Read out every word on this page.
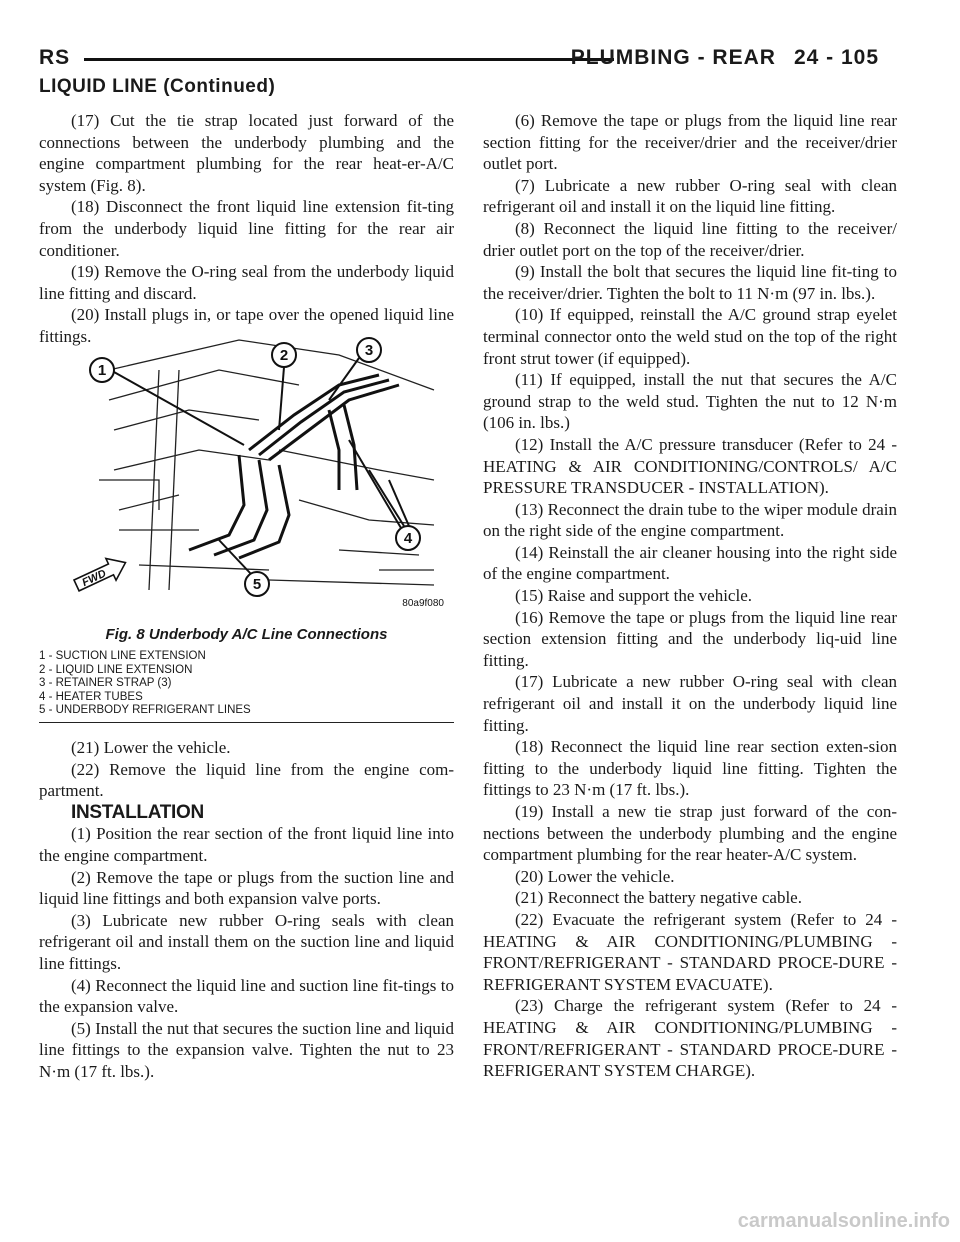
RS	PLUMBING - REAR 24 - 105
LIQUID LINE (Continued)

(17) Cut the tie strap located just forward of the connections between the underbody plumbing and the engine compartment plumbing for the rear heat-er-A/C system (Fig. 8).

(18) Disconnect the front liquid line extension fit-ting from the underbody liquid line fitting for the rear air conditioner.

(19) Remove the O-ring seal from the underbody liquid line fitting and discard.

(20) Install plugs in, or tape over the opened liquid line fittings.

1
2	3
4
5
FWD
80a9f080
Fig. 8 Underbody A/C Line Connections
1 - SUCTION LINE EXTENSION
2 - LIQUID LINE EXTENSION
3 - RETAINER STRAP (3)
4 - HEATER TUBES
5 - UNDERBODY REFRIGERANT LINES

(21) Lower the vehicle.

(22) Remove the liquid line from the engine com-partment.

INSTALLATION

(1) Position the rear section of the front liquid line into the engine compartment.

(2) Remove the tape or plugs from the suction line and liquid line fittings and both expansion valve ports.

(3) Lubricate new rubber O-ring seals with clean refrigerant oil and install them on the suction line and liquid line fittings.

(4) Reconnect the liquid line and suction line fit-tings to the expansion valve.

(5) Install the nut that secures the suction line and liquid line fittings to the expansion valve. Tighten the nut to 23 N·m (17 ft. lbs.).

(6) Remove the tape or plugs from the liquid line rear section fitting for the receiver/drier and the receiver/drier outlet port.

(7) Lubricate a new rubber O-ring seal with clean refrigerant oil and install it on the liquid line fitting.

(8) Reconnect the liquid line fitting to the receiver/ drier outlet port on the top of the receiver/drier.

(9) Install the bolt that secures the liquid line fit-ting to the receiver/drier. Tighten the bolt to 11 N·m (97 in. lbs.).

(10) If equipped, reinstall the A/C ground strap eyelet terminal connector onto the weld stud on the top of the right front strut tower (if equipped).

(11) If equipped, install the nut that secures the A/C ground strap to the weld stud. Tighten the nut to 12 N·m (106 in. lbs.)

(12) Install the A/C pressure transducer (Refer to 24 - HEATING & AIR CONDITIONING/CONTROLS/ A/C PRESSURE TRANSDUCER - INSTALLATION).

(13) Reconnect the drain tube to the wiper module drain on the right side of the engine compartment.

(14) Reinstall the air cleaner housing into the right side of the engine compartment.

(15) Raise and support the vehicle.

(16) Remove the tape or plugs from the liquid line rear section extension fitting and the underbody liq-uid line fitting.

(17) Lubricate a new rubber O-ring seal with clean refrigerant oil and install it on the underbody liquid line fitting.

(18) Reconnect the liquid line rear section exten-sion fitting to the underbody liquid line fitting. Tighten the fittings to 23 N·m (17 ft. lbs.).

(19) Install a new tie strap just forward of the con-nections between the underbody plumbing and the engine compartment plumbing for the rear heater-A/C system.

(20) Lower the vehicle.

(21) Reconnect the battery negative cable.

(22) Evacuate the refrigerant system (Refer to 24 - HEATING & AIR CONDITIONING/PLUMBING - FRONT/REFRIGERANT - STANDARD PROCE-DURE - REFRIGERANT SYSTEM EVACUATE).

(23) Charge the refrigerant system (Refer to 24 - HEATING & AIR CONDITIONING/PLUMBING - FRONT/REFRIGERANT - STANDARD PROCE-DURE - REFRIGERANT SYSTEM CHARGE).

carmanualsonline.info
